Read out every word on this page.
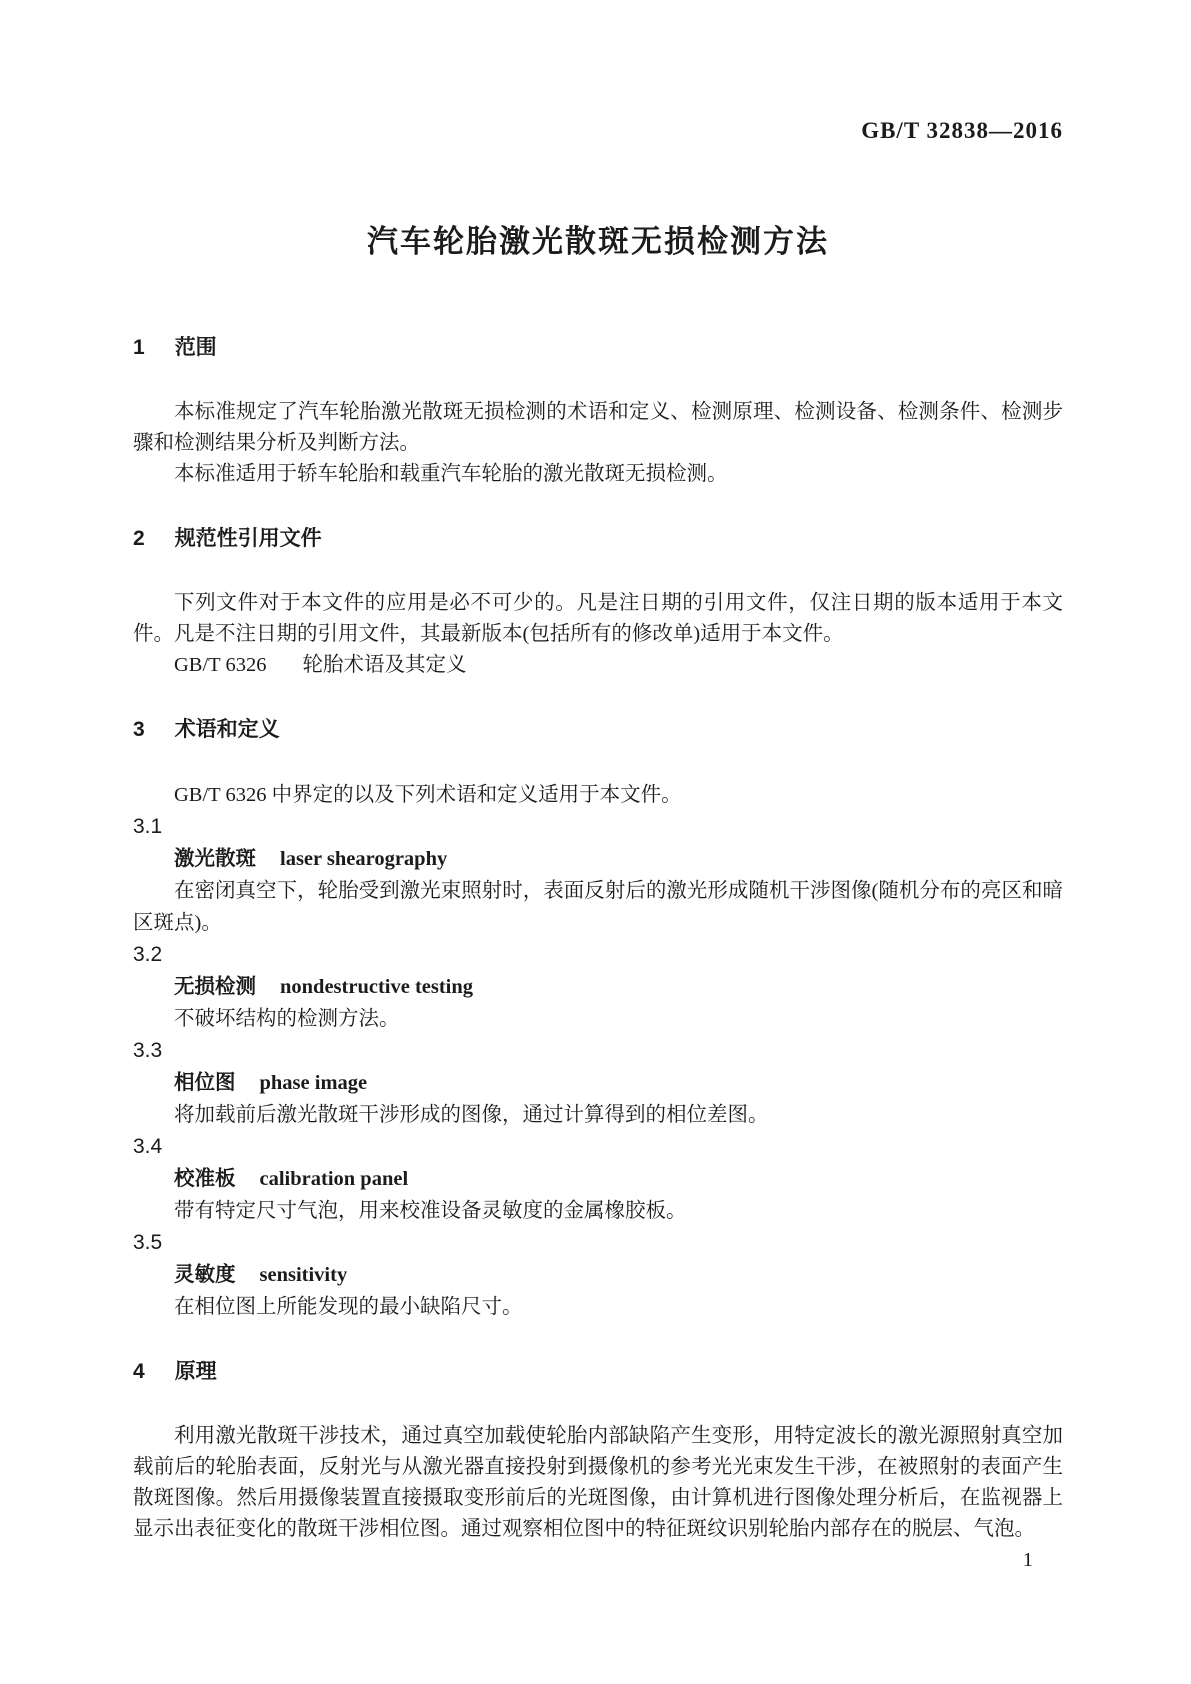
GB/T 32838—2016
汽车轮胎激光散斑无损检测方法
1 范围

本标准规定了汽车轮胎激光散斑无损检测的术语和定义、检测原理、检测设备、检测条件、检测步骤和检测结果分析及判断方法。

本标准适用于轿车轮胎和载重汽车轮胎的激光散斑无损检测。

2 规范性引用文件

下列文件对于本文件的应用是必不可少的。凡是注日期的引用文件，仅注日期的版本适用于本文件。凡是不注日期的引用文件，其最新版本(包括所有的修改单)适用于本文件。

GB/T 6326 轮胎术语及其定义
3 术语和定义

GB/T 6326 中界定的以及下列术语和定义适用于本文件。

3.1
激光散斑 laser shearography

在密闭真空下，轮胎受到激光束照射时，表面反射后的激光形成随机干涉图像(随机分布的亮区和暗区斑点)。

3.2
无损检测 nondestructive testing

不破坏结构的检测方法。

3.3
相位图 phase image

将加载前后激光散斑干涉形成的图像，通过计算得到的相位差图。

3.4
校准板 calibration panel

带有特定尺寸气泡，用来校准设备灵敏度的金属橡胶板。

3.5
灵敏度 sensitivity

在相位图上所能发现的最小缺陷尺寸。

4 原理

利用激光散斑干涉技术，通过真空加载使轮胎内部缺陷产生变形，用特定波长的激光源照射真空加载前后的轮胎表面，反射光与从激光器直接投射到摄像机的参考光光束发生干涉，在被照射的表面产生散斑图像。然后用摄像装置直接摄取变形前后的光斑图像，由计算机进行图像处理分析后，在监视器上显示出表征变化的散斑干涉相位图。通过观察相位图中的特征斑纹识别轮胎内部存在的脱层、气泡。

1
